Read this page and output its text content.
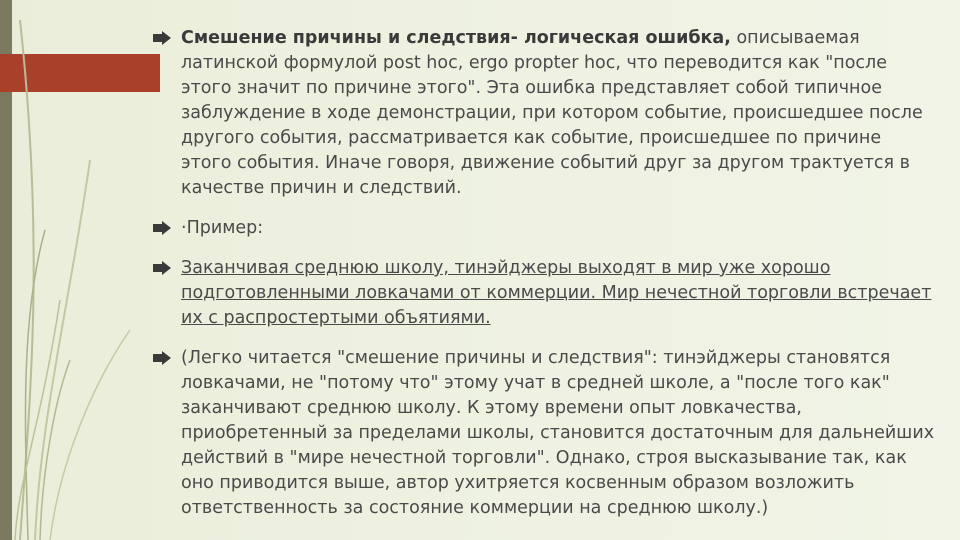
Смешение причины и следствия- логическая ошибка, описываемая латинской формулой post hoc, ergo propter hoc, что переводится как "после этого значит по причине этого". Эта ошибка представляет собой типичное заблуждение в ходе демонстрации, при котором событие, происшедшее после другого события, рассматривается как событие, происшедшее по причине этого события. Иначе говоря, движение событий друг за другом трактуется в качестве причин и следствий.
·Пример:
Заканчивая среднюю школу, тинэйджеры выходят в мир уже хорошо подготовленными ловкачами от коммерции. Мир нечестной торговли встречает их с распростертыми объятиями.
(Легко читается "смешение причины и следствия": тинэйджеры становятся ловкачами, не "потому что" этому учат в средней школе, а "после того как" заканчивают среднюю школу. К этому времени опыт ловкачества, приобретенный за пределами школы, становится достаточным для дальнейших действий в "мире нечестной торговли". Однако, строя высказывание так, как оно приводится выше, автор ухитряется косвенным образом возложить ответственность за состояние коммерции на среднюю школу.)
